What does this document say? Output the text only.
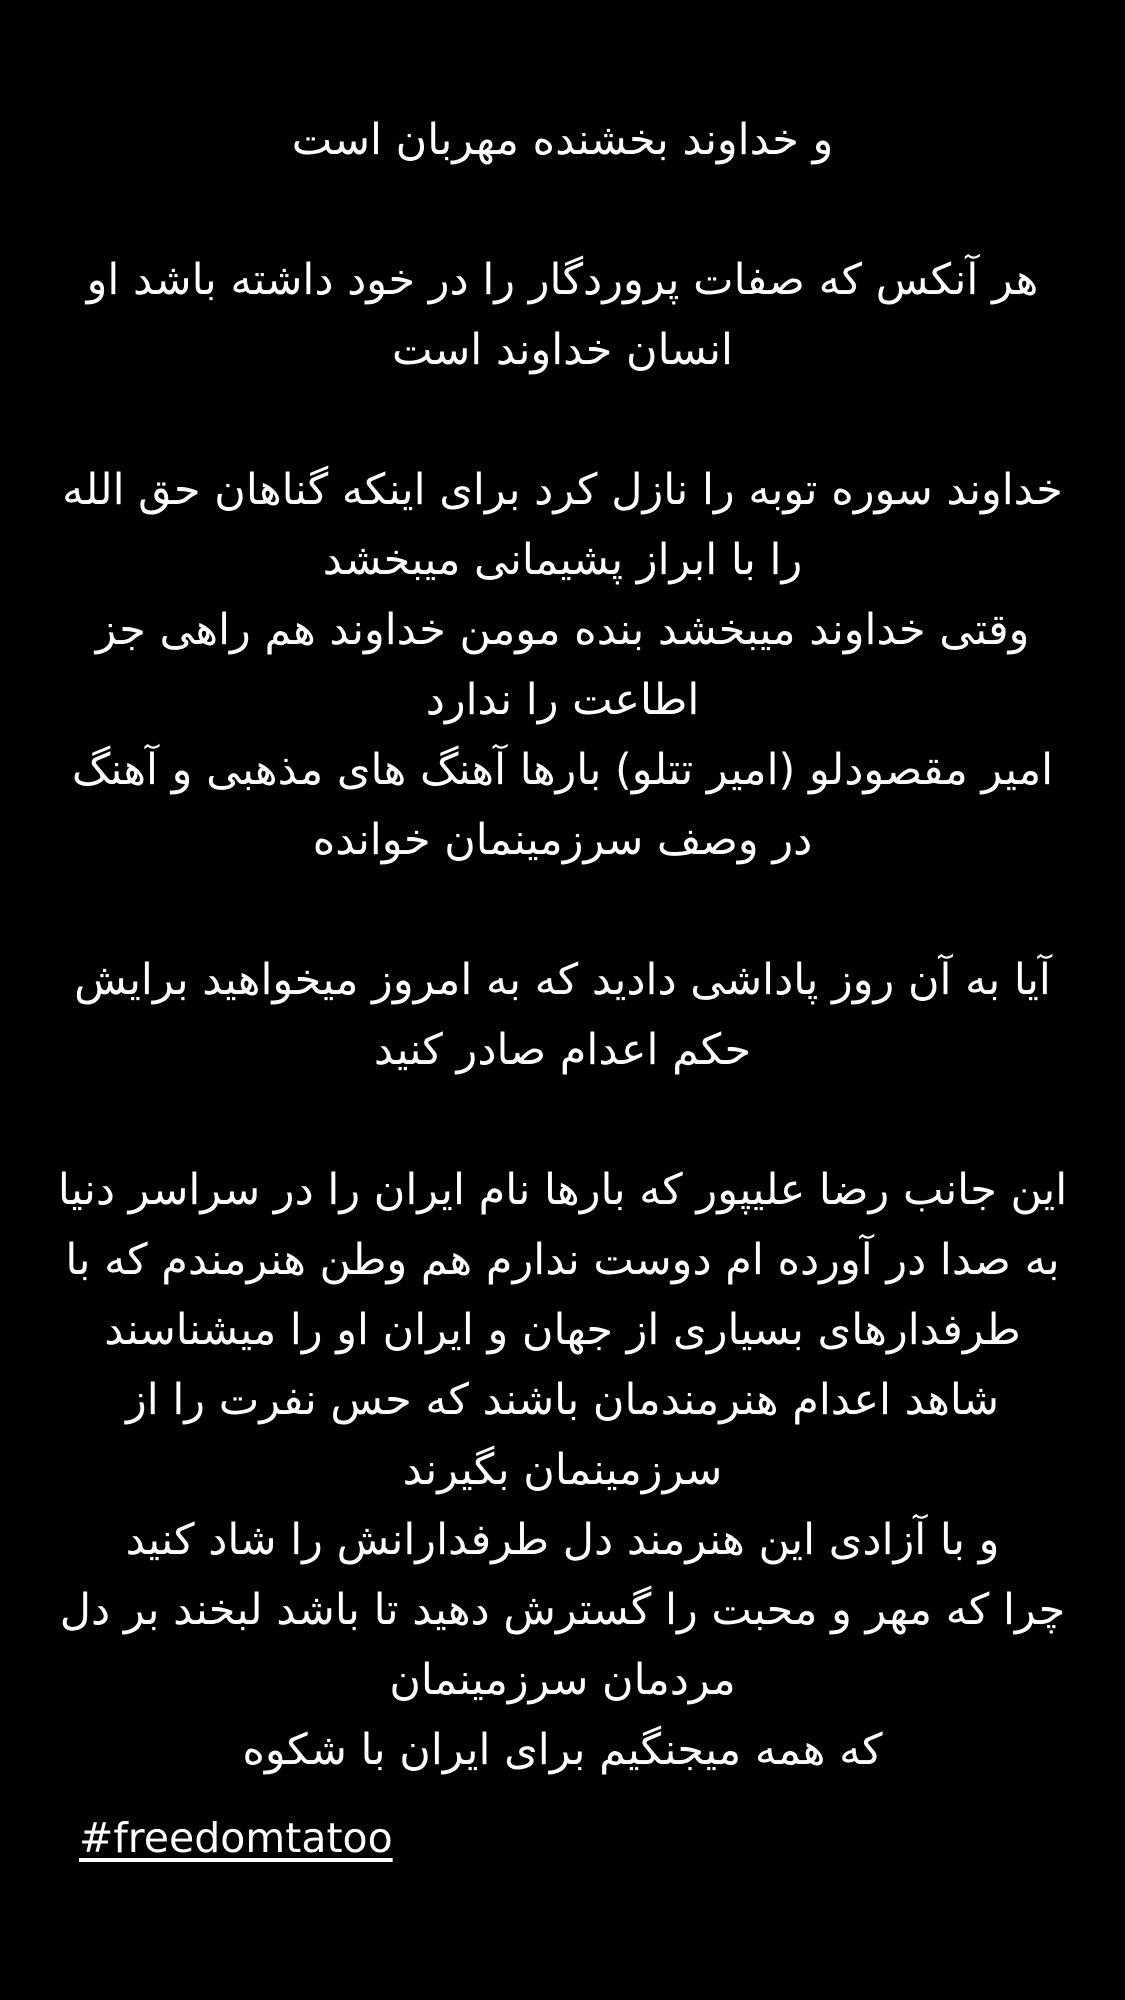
و خداوند بخشنده مهربان است

هر آنکس که صفات پروردگار را در خود داشته باشد او
انسان خداوند است

خداوند سوره توبه را نازل کرد برای اینکه گناهان حق الله
را با ابراز پشیمانی میبخشد
وقتی خداوند میبخشد بنده مومن خداوند هم راهی جز
اطاعت را ندارد
امیر مقصودلو (امیر تتلو) بارها آهنگ های مذهبی و آهنگ
در وصف سرزمینمان خوانده

آیا به آن روز پاداشی دادید که به امروز میخواهید برایش
حکم اعدام صادر کنید

این جانب رضا علیپور که بارها نام ایران را در سراسر دنیا
به صدا در آورده ام دوست ندارم هم وطن هنرمندم که با
طرفدارهای بسیاری از جهان و ایران او را میشناسند
شاهد اعدام هنرمندمان باشند که حس نفرت را از
سرزمینمان بگیرند
و با آزادی این هنرمند دل طرفدارانش را شاد کنید
چرا که مهر و محبت را گسترش دهید تا باشد لبخند بر دل
مردمان سرزمینمان
که همه میجنگیم برای ایران با شکوه
#freedomtatoo
